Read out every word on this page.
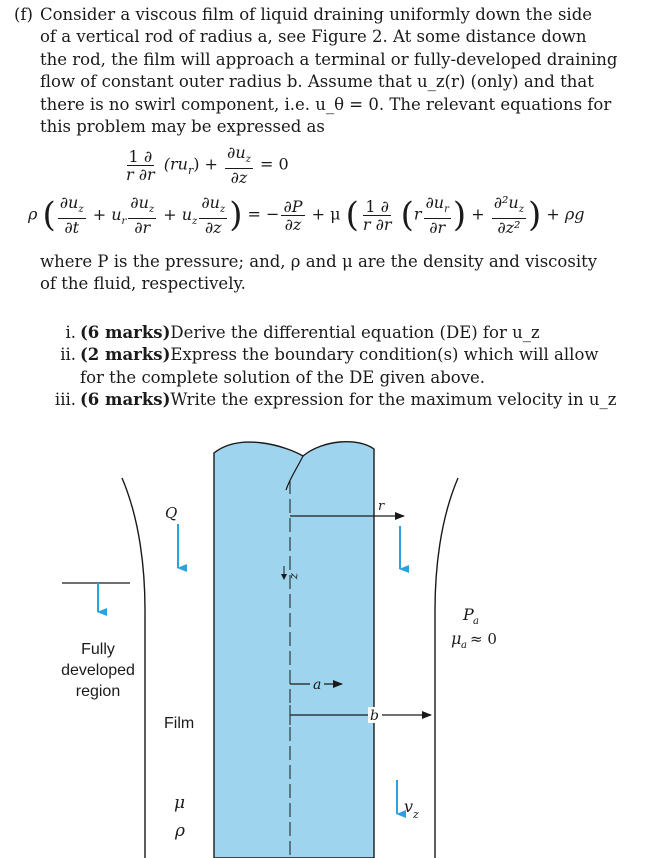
(f) Consider a viscous film of liquid draining uniformly down the side
of a vertical rod of radius a, see Figure 2. At some distance down
the rod, the film will approach a terminal or fully-developed draining
flow of constant outer radius b. Assume that u_z(r) (only) and that
there is no swirl component, i.e. u_θ = 0. The relevant equations for
this problem may be expressed as
$\frac{1 \partial}{r \partial r} (ru_r) + \frac{\partial u_z}{\partial z} = 0$
ρ ( $\frac{\partial u_z}{\partial t} + u_r \frac{\partial u_z}{\partial r} + u_z \frac{\partial u_z}{\partial z}$ ) = − $\frac{\partial P}{\partial z} + \mu$ ( $\frac{1 \partial}{r \partial r} (r \frac{\partial u_r}{\partial r}$ ) + $\frac{\partial^2u_z}{\text{∂z²}}$ ) + ρg
where P is the pressure; and, ρ and μ are the density and viscosity
of the fluid, respectively.
i. (6 marks)Derive the differential equation (DE) for u_z
ii. (2 marks)Express the boundary condition(s) which will allow
for the complete solution of the DE given above.
iii. (6 marks)Write the expression for the maximum velocity in u_z
r
z
a
b
Q
v z
P a
μ a ≈ 0
Fully
developed
region
Film
μ
ρ
